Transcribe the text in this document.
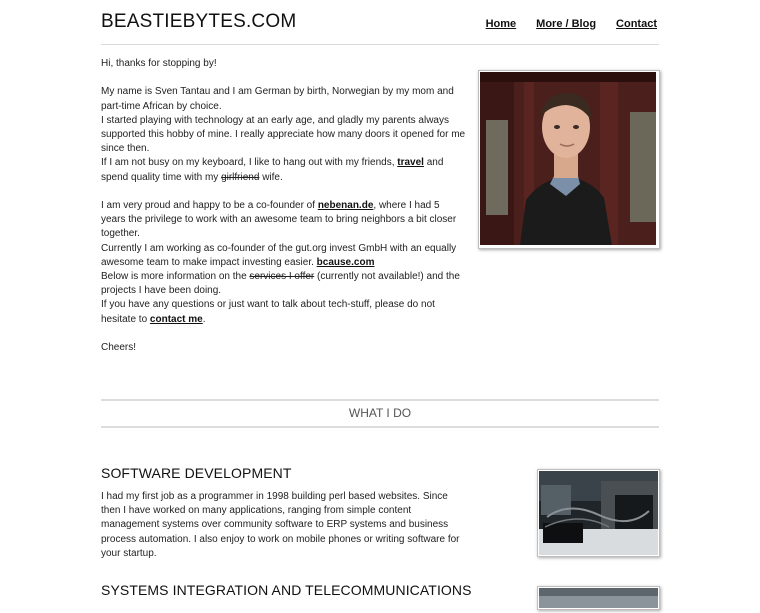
BEASTIEBYTES.COM	Home More / Blog Contact

Hi, thanks for stopping by!

My name is Sven Tantau and I am German by birth, Norwegian by my mom and part-time African by choice.

I started playing with technology at an early age, and gladly my parents always supported this hobby of mine. I really appreciate how many doors it opened for me since then.

If I am not busy on my keyboard, I like to hang out with my friends, travel and spend quality time with my girlfriend wife.

I am very proud and happy to be a co-founder of nebenan.de, where I had 5 years the privilege to work with an awesome team to bring neighbors a bit closer together.

Currently I am working as co-founder of the gut.org invest GmbH with an equally awesome team to make impact investing easier. bcause.com

Below is more information on the services I offer (currently not available!) and the projects I have been doing.

If you have any questions or just want to talk about tech-stuff, please do not hesitate to contact me.

Cheers!

WHAT I DO
SOFTWARE DEVELOPMENT
I had my first job as a programmer in 1998 building perl based websites. Since then I have worked on many applications, ranging from simple content management systems over community software to ERP systems and business process automation. I also enjoy to work on mobile phones or writing software for your startup.
SYSTEMS INTEGRATION AND TELECOMMUNICATIONS
